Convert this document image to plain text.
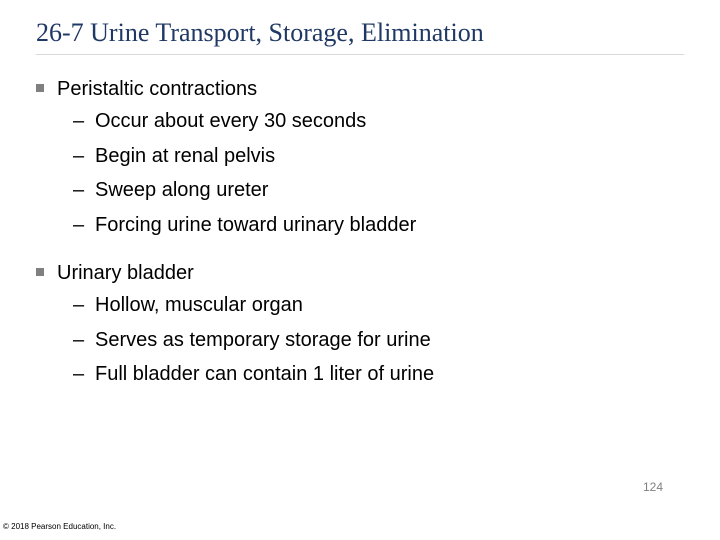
26-7 Urine Transport, Storage, Elimination
Peristaltic contractions
– Occur about every 30 seconds
– Begin at renal pelvis
– Sweep along ureter
– Forcing urine toward urinary bladder
Urinary bladder
– Hollow, muscular organ
– Serves as temporary storage for urine
– Full bladder can contain 1 liter of urine
124
© 2018 Pearson Education, Inc.
